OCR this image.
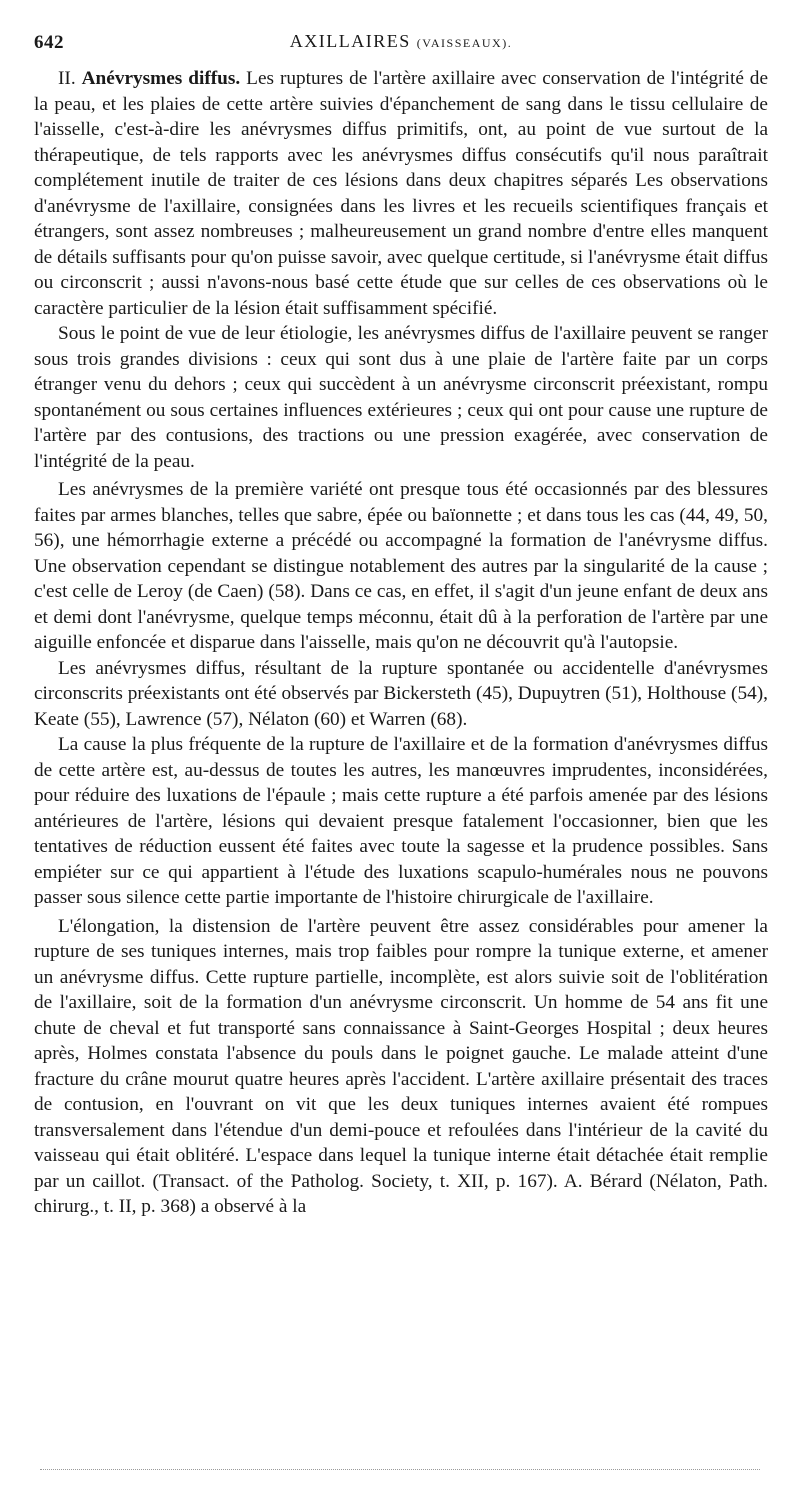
642	AXILLAIRES (VAISSEAUX).

II. Anévrysmes diffus. Les ruptures de l'artère axillaire avec conservation de l'intégrité de la peau, et les plaies de cette artère suivies d'épanchement de sang dans le tissu cellulaire de l'aisselle, c'est-à-dire les anévrysmes diffus primitifs, ont, au point de vue surtout de la thérapeutique, de tels rapports avec les anévrysmes diffus consécutifs qu'il nous paraîtrait complétement inutile de traiter de ces lésions dans deux chapitres séparés Les observations d'anévrysme de l'axillaire, consignées dans les livres et les recueils scientifiques français et étrangers, sont assez nombreuses ; malheureusement un grand nombre d'entre elles manquent de détails suffisants pour qu'on puisse savoir, avec quelque certitude, si l'anévrysme était diffus ou circonscrit ; aussi n'avons-nous basé cette étude que sur celles de ces observations où le caractère particulier de la lésion était suffisamment spécifié.

Sous le point de vue de leur étiologie, les anévrysmes diffus de l'axillaire peuvent se ranger sous trois grandes divisions : ceux qui sont dus à une plaie de l'artère faite par un corps étranger venu du dehors ; ceux qui succèdent à un anévrysme circonscrit préexistant, rompu spontanément ou sous certaines influences extérieures ; ceux qui ont pour cause une rupture de l'artère par des contusions, des tractions ou une pression exagérée, avec conservation de l'intégrité de la peau.

Les anévrysmes de la première variété ont presque tous été occasionnés par des blessures faites par armes blanches, telles que sabre, épée ou baïonnette ; et dans tous les cas (44, 49, 50, 56), une hémorrhagie externe a précédé ou accompagné la formation de l'anévrysme diffus. Une observation cependant se distingue notablement des autres par la singularité de la cause ; c'est celle de Leroy (de Caen) (58). Dans ce cas, en effet, il s'agit d'un jeune enfant de deux ans et demi dont l'anévrysme, quelque temps méconnu, était dû à la perforation de l'artère par une aiguille enfoncée et disparue dans l'aisselle, mais qu'on ne découvrit qu'à l'autopsie.

Les anévrysmes diffus, résultant de la rupture spontanée ou accidentelle d'anévrysmes circonscrits préexistants ont été observés par Bickersteth (45), Dupuytren (51), Holthouse (54), Keate (55), Lawrence (57), Nélaton (60) et Warren (68).

La cause la plus fréquente de la rupture de l'axillaire et de la formation d'anévrysmes diffus de cette artère est, au-dessus de toutes les autres, les manœuvres imprudentes, inconsidérées, pour réduire des luxations de l'épaule ; mais cette rupture a été parfois amenée par des lésions antérieures de l'artère, lésions qui devaient presque fatalement l'occasionner, bien que les tentatives de réduction eussent été faites avec toute la sagesse et la prudence possibles. Sans empiéter sur ce qui appartient à l'étude des luxations scapulo-humérales nous ne pouvons passer sous silence cette partie importante de l'histoire chirurgicale de l'axillaire.

L'élongation, la distension de l'artère peuvent être assez considérables pour amener la rupture de ses tuniques internes, mais trop faibles pour rompre la tunique externe, et amener un anévrysme diffus. Cette rupture partielle, incomplète, est alors suivie soit de l'oblitération de l'axillaire, soit de la formation d'un anévrysme circonscrit. Un homme de 54 ans fit une chute de cheval et fut transporté sans connaissance à Saint-Georges Hospital ; deux heures après, Holmes constata l'absence du pouls dans le poignet gauche. Le malade atteint d'une fracture du crâne mourut quatre heures après l'accident. L'artère axillaire présentait des traces de contusion, en l'ouvrant on vit que les deux tuniques internes avaient été rompues transversalement dans l'étendue d'un demi-pouce et refoulées dans l'intérieur de la cavité du vaisseau qui était oblitéré. L'espace dans lequel la tunique interne était détachée était remplie par un caillot. (Transact. of the Patholog. Society, t. XII, p. 167). A. Bérard (Nélaton, Path. chirurg., t. II, p. 368) a observé à la
